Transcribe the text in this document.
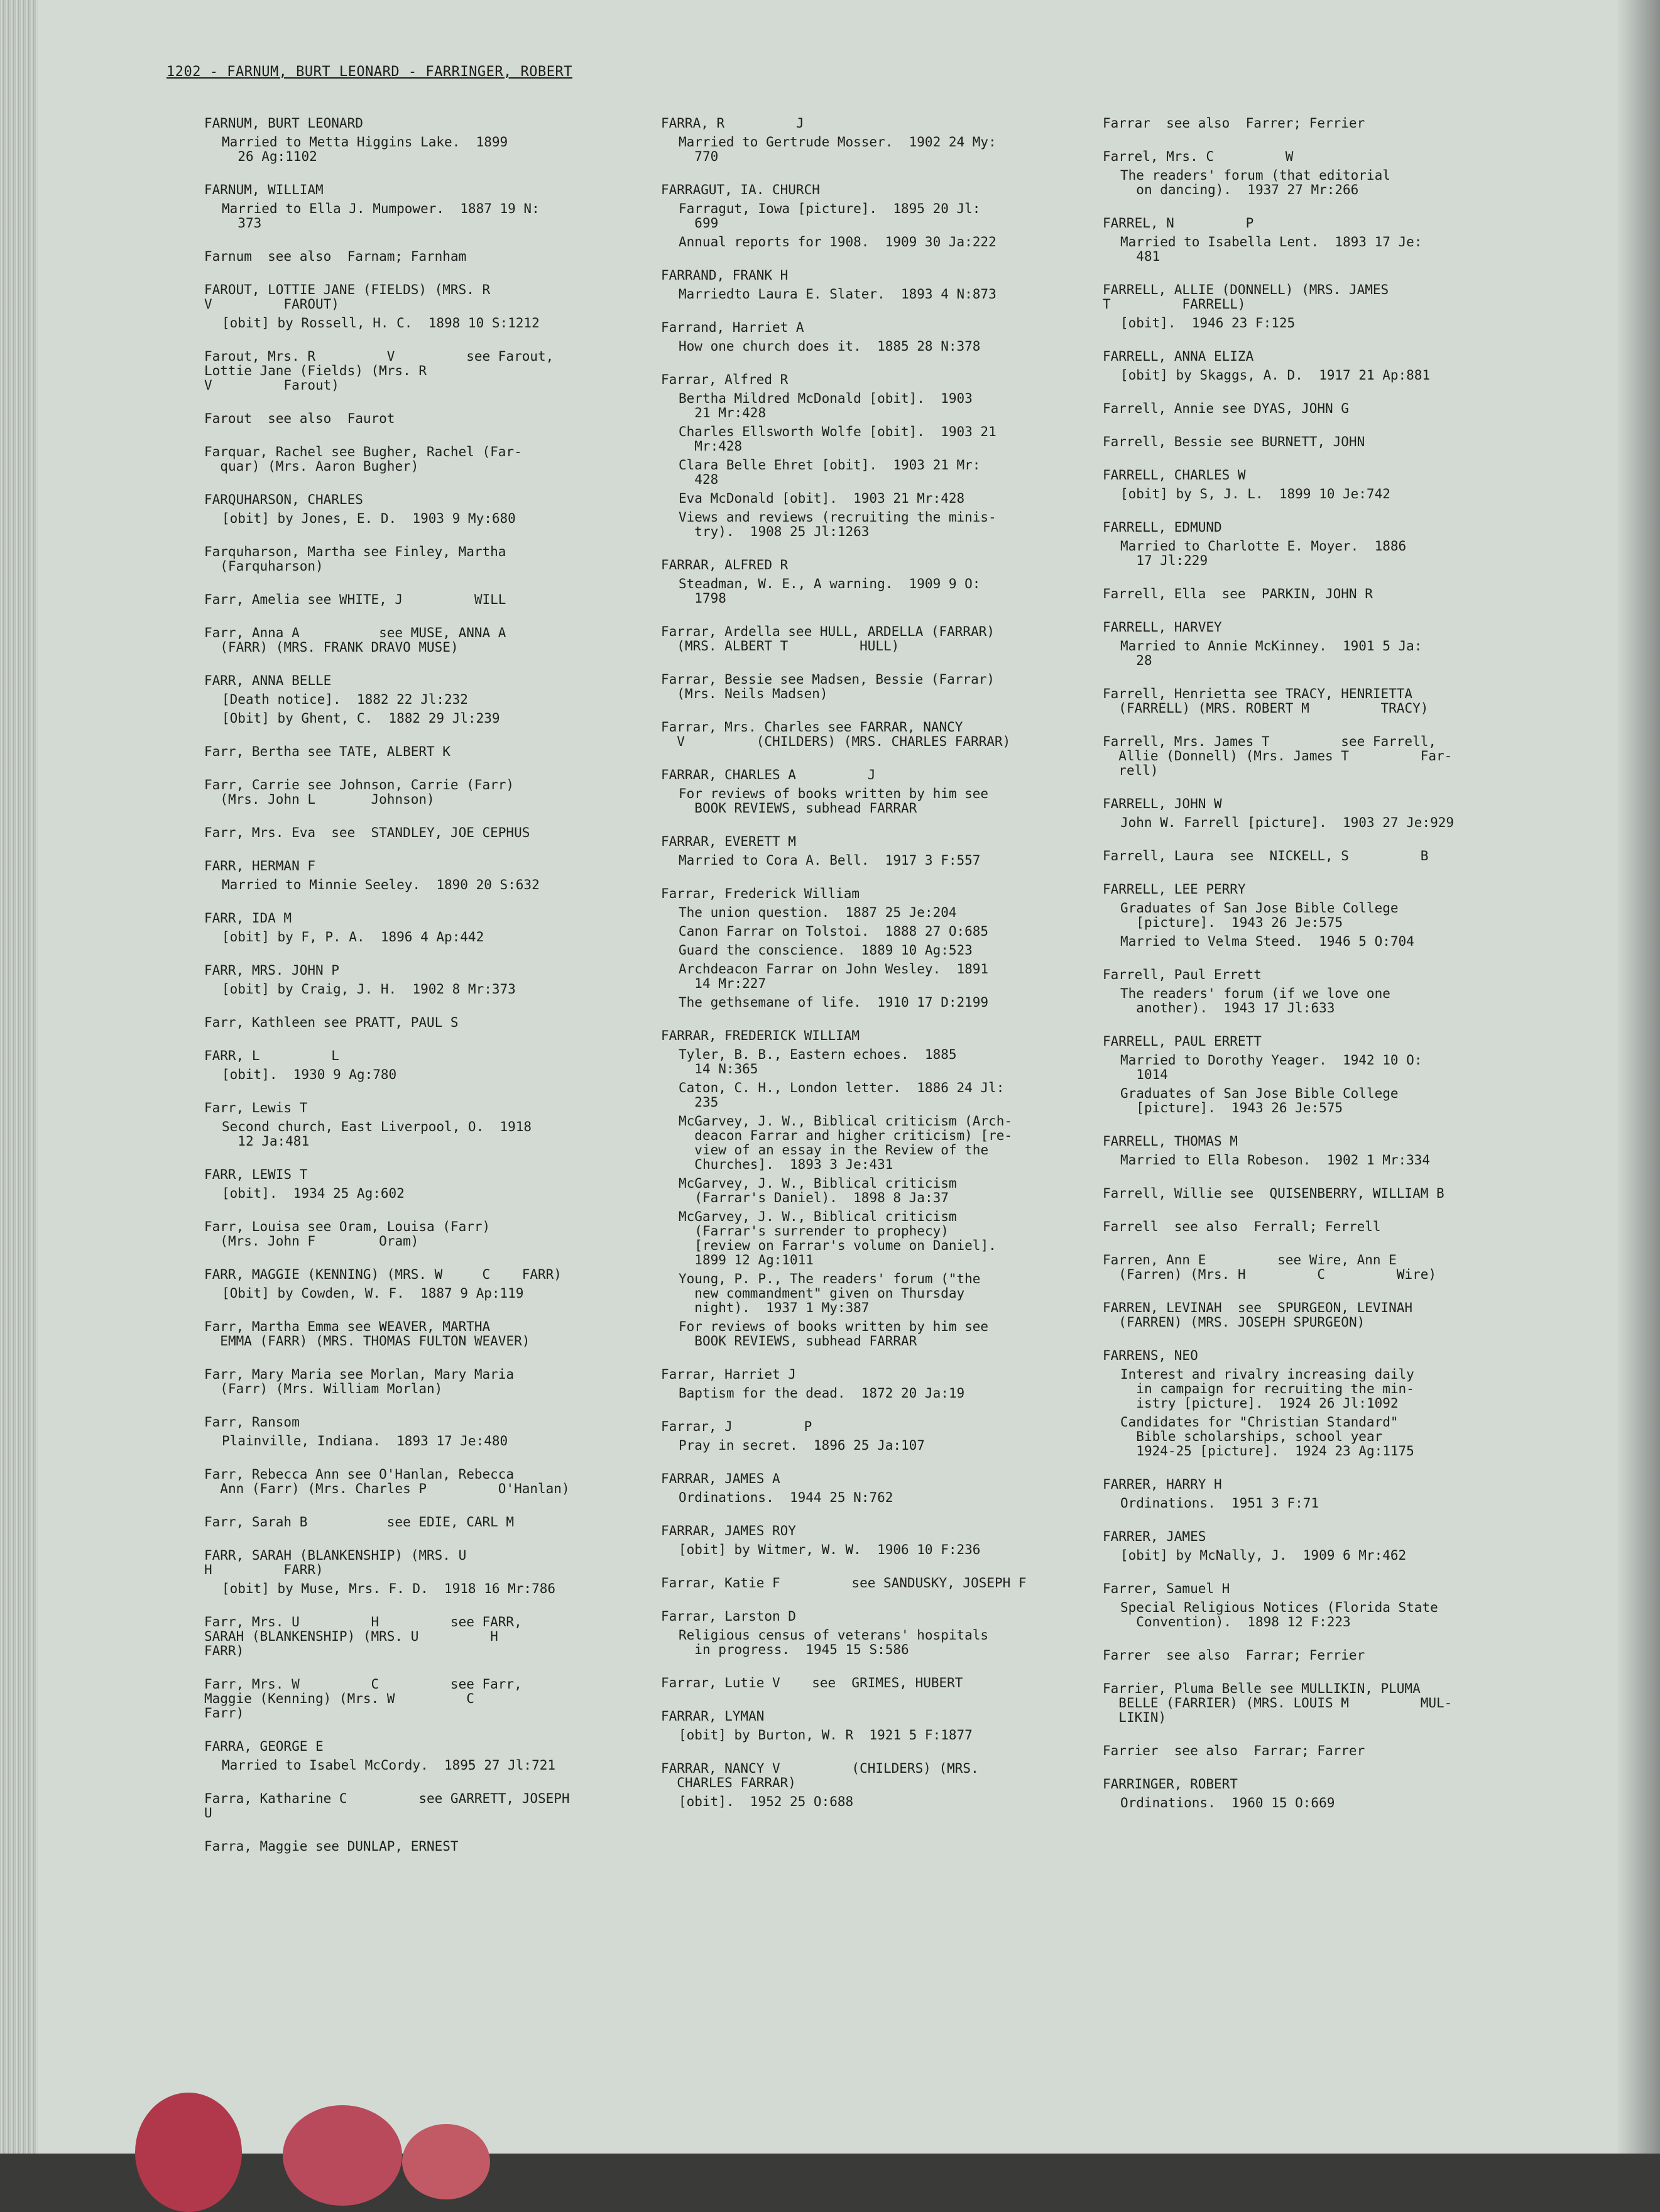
1202 - FARNUM, BURT LEONARD - FARRINGER, ROBERT
FARNUM, BURT LEONARD
Married to Metta Higgins Lake.  1899
26 Ag:1102
FARNUM, WILLIAM
Married to Ella J. Mumpower.  1887 19 N:
373
Farnum  see also  Farnam; Farnham
FAROUT, LOTTIE JANE (FIELDS) (MRS. R
V         FAROUT)
[obit] by Rossell, H. C.  1898 10 S:1212
Farout, Mrs. R         V         see Farout,
Lottie Jane (Fields) (Mrs. R
V         Farout)
Farout  see also  Faurot
Farquar, Rachel see Bugher, Rachel (Far-
quar) (Mrs. Aaron Bugher)
FARQUHARSON, CHARLES
[obit] by Jones, E. D.  1903 9 My:680
Farquharson, Martha see Finley, Martha
(Farquharson)
Farr, Amelia see WHITE, J         WILL
Farr, Anna A          see MUSE, ANNA A
(FARR) (MRS. FRANK DRAVO MUSE)
FARR, ANNA BELLE
[Death notice].  1882 22 Jl:232
[Obit] by Ghent, C.  1882 29 Jl:239
Farr, Bertha see TATE, ALBERT K
Farr, Carrie see Johnson, Carrie (Farr)
(Mrs. John L       Johnson)
Farr, Mrs. Eva  see  STANDLEY, JOE CEPHUS
FARR, HERMAN F
Married to Minnie Seeley.  1890 20 S:632
FARR, IDA M
[obit] by F, P. A.  1896 4 Ap:442
FARR, MRS. JOHN P
[obit] by Craig, J. H.  1902 8 Mr:373
Farr, Kathleen see PRATT, PAUL S
FARR, L         L
[obit].  1930 9 Ag:780
Farr, Lewis T
Second church, East Liverpool, O.  1918
12 Ja:481
FARR, LEWIS T
[obit].  1934 25 Ag:602
Farr, Louisa see Oram, Louisa (Farr)
(Mrs. John F        Oram)
FARR, MAGGIE (KENNING) (MRS. W     C    FARR)
[Obit] by Cowden, W. F.  1887 9 Ap:119
Farr, Martha Emma see WEAVER, MARTHA
EMMA (FARR) (MRS. THOMAS FULTON WEAVER)
Farr, Mary Maria see Morlan, Mary Maria
(Farr) (Mrs. William Morlan)
Farr, Ransom
Plainville, Indiana.  1893 17 Je:480
Farr, Rebecca Ann see O'Hanlan, Rebecca
Ann (Farr) (Mrs. Charles P         O'Hanlan)
Farr, Sarah B          see EDIE, CARL M
FARR, SARAH (BLANKENSHIP) (MRS. U
H         FARR)
[obit] by Muse, Mrs. F. D.  1918 16 Mr:786
Farr, Mrs. U         H         see FARR,
SARAH (BLANKENSHIP) (MRS. U         H
FARR)
Farr, Mrs. W         C         see Farr,
Maggie (Kenning) (Mrs. W         C
Farr)
FARRA, GEORGE E
Married to Isabel McCordy.  1895 27 Jl:721
Farra, Katharine C         see GARRETT, JOSEPH
U
Farra, Maggie see DUNLAP, ERNEST
FARRA, R         J
Married to Gertrude Mosser.  1902 24 My:
770
FARRAGUT, IA. CHURCH
Farragut, Iowa [picture].  1895 20 Jl:
699
Annual reports for 1908.  1909 30 Ja:222
FARRAND, FRANK H
Marriedto Laura E. Slater.  1893 4 N:873
Farrand, Harriet A
How one church does it.  1885 28 N:378
Farrar, Alfred R
Bertha Mildred McDonald [obit].  1903
21 Mr:428
Charles Ellsworth Wolfe [obit].  1903 21
Mr:428
Clara Belle Ehret [obit].  1903 21 Mr:
428
Eva McDonald [obit].  1903 21 Mr:428
Views and reviews (recruiting the minis-
try).  1908 25 Jl:1263
FARRAR, ALFRED R
Steadman, W. E., A warning.  1909 9 O:
1798
Farrar, Ardella see HULL, ARDELLA (FARRAR)
(MRS. ALBERT T         HULL)
Farrar, Bessie see Madsen, Bessie (Farrar)
(Mrs. Neils Madsen)
Farrar, Mrs. Charles see FARRAR, NANCY
V         (CHILDERS) (MRS. CHARLES FARRAR)
FARRAR, CHARLES A         J
For reviews of books written by him see
BOOK REVIEWS, subhead FARRAR
FARRAR, EVERETT M
Married to Cora A. Bell.  1917 3 F:557
Farrar, Frederick William
The union question.  1887 25 Je:204
Canon Farrar on Tolstoi.  1888 27 O:685
Guard the conscience.  1889 10 Ag:523
Archdeacon Farrar on John Wesley.  1891
14 Mr:227
The gethsemane of life.  1910 17 D:2199
FARRAR, FREDERICK WILLIAM
Tyler, B. B., Eastern echoes.  1885
14 N:365
Caton, C. H., London letter.  1886 24 Jl:
235
McGarvey, J. W., Biblical criticism (Arch-
deacon Farrar and higher criticism) [re-
view of an essay in the Review of the
Churches].  1893 3 Je:431
McGarvey, J. W., Biblical criticism
(Farrar's Daniel).  1898 8 Ja:37
McGarvey, J. W., Biblical criticism
(Farrar's surrender to prophecy)
[review on Farrar's volume on Daniel].
1899 12 Ag:1011
Young, P. P., The readers' forum ("the
new commandment" given on Thursday
night).  1937 1 My:387
For reviews of books written by him see
BOOK REVIEWS, subhead FARRAR
Farrar, Harriet J
Baptism for the dead.  1872 20 Ja:19
Farrar, J         P
Pray in secret.  1896 25 Ja:107
FARRAR, JAMES A
Ordinations.  1944 25 N:762
FARRAR, JAMES ROY
[obit] by Witmer, W. W.  1906 10 F:236
Farrar, Katie F         see SANDUSKY, JOSEPH F
Farrar, Larston D
Religious census of veterans' hospitals
in progress.  1945 15 S:586
Farrar, Lutie V    see  GRIMES, HUBERT
FARRAR, LYMAN
[obit] by Burton, W. R  1921 5 F:1877
FARRAR, NANCY V         (CHILDERS) (MRS.
CHARLES FARRAR)
[obit].  1952 25 O:688
Farrar  see also  Farrer; Ferrier
Farrel, Mrs. C         W
The readers' forum (that editorial
on dancing).  1937 27 Mr:266
FARREL, N         P
Married to Isabella Lent.  1893 17 Je:
481
FARRELL, ALLIE (DONNELL) (MRS. JAMES
T         FARRELL)
[obit].  1946 23 F:125
FARRELL, ANNA ELIZA
[obit] by Skaggs, A. D.  1917 21 Ap:881
Farrell, Annie see DYAS, JOHN G
Farrell, Bessie see BURNETT, JOHN
FARRELL, CHARLES W
[obit] by S, J. L.  1899 10 Je:742
FARRELL, EDMUND
Married to Charlotte E. Moyer.  1886
17 Jl:229
Farrell, Ella  see  PARKIN, JOHN R
FARRELL, HARVEY
Married to Annie McKinney.  1901 5 Ja:
28
Farrell, Henrietta see TRACY, HENRIETTA
(FARRELL) (MRS. ROBERT M         TRACY)
Farrell, Mrs. James T         see Farrell,
Allie (Donnell) (Mrs. James T         Far-
rell)
FARRELL, JOHN W
John W. Farrell [picture].  1903 27 Je:929
Farrell, Laura  see  NICKELL, S         B
FARRELL, LEE PERRY
Graduates of San Jose Bible College
[picture].  1943 26 Je:575
Married to Velma Steed.  1946 5 O:704
Farrell, Paul Errett
The readers' forum (if we love one
another).  1943 17 Jl:633
FARRELL, PAUL ERRETT
Married to Dorothy Yeager.  1942 10 O:
1014
Graduates of San Jose Bible College
[picture].  1943 26 Je:575
FARRELL, THOMAS M
Married to Ella Robeson.  1902 1 Mr:334
Farrell, Willie see  QUISENBERRY, WILLIAM B
Farrell  see also  Ferrall; Ferrell
Farren, Ann E         see Wire, Ann E
(Farren) (Mrs. H         C         Wire)
FARREN, LEVINAH  see  SPURGEON, LEVINAH
(FARREN) (MRS. JOSEPH SPURGEON)
FARRENS, NEO
Interest and rivalry increasing daily
in campaign for recruiting the min-
istry [picture].  1924 26 Jl:1092
Candidates for "Christian Standard"
Bible scholarships, school year
1924-25 [picture].  1924 23 Ag:1175
FARRER, HARRY H
Ordinations.  1951 3 F:71
FARRER, JAMES
[obit] by McNally, J.  1909 6 Mr:462
Farrer, Samuel H
Special Religious Notices (Florida State
Convention).  1898 12 F:223
Farrer  see also  Farrar; Ferrier
Farrier, Pluma Belle see MULLIKIN, PLUMA
BELLE (FARRIER) (MRS. LOUIS M         MUL-
LIKIN)
Farrier  see also  Farrar; Farrer
FARRINGER, ROBERT
Ordinations.  1960 15 O:669
